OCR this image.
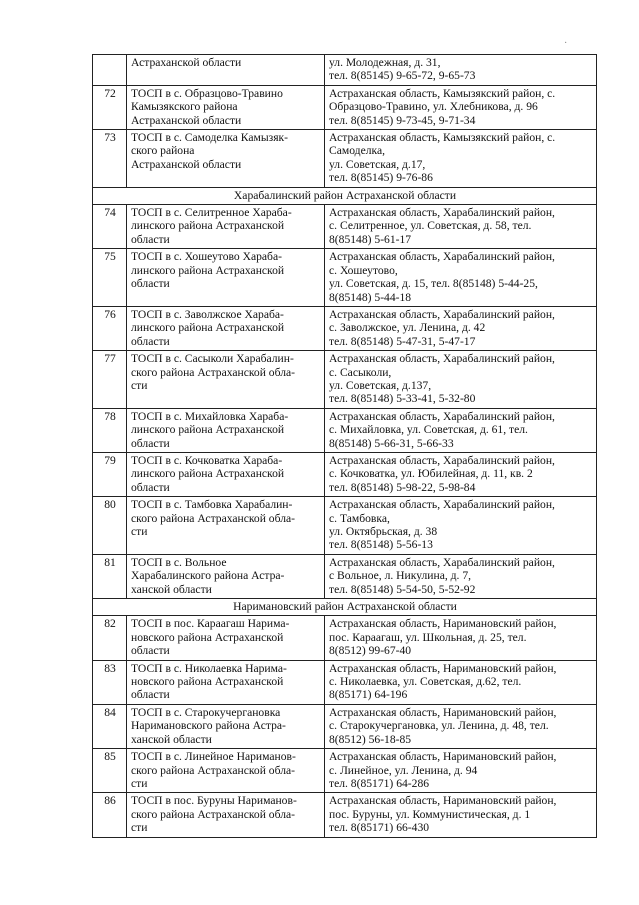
·

	Астраханской области	ул. Молодежная, д. 31,
тел. 8(85145) 9-65-72, 9-65-73

72	ТОСП в с. Образцово-Травино
Камызякского района
Астраханской области	Астраханская область, Камызякский район, с.
Образцово-Травино, ул. Хлебникова, д. 96
тел. 8(85145) 9-73-45, 9-71-34

73	ТОСП в с. Самоделка Камызяк-
ского района
Астраханской области	Астраханская область, Камызякский район, с.
Самоделка,
ул. Советская, д.17,
тел. 8(85145) 9-76-86

Харабалинский район Астраханской области		
74	ТОСП в с. Селитренное Хараба-
линского района Астраханской
области	Астраханская область, Харабалинский район,
с. Селитренное, ул. Советская, д. 58, тел.
8(85148) 5-61-17

75	ТОСП в с. Хошеутово Хараба-
линского района Астраханской
области	Астраханская область, Харабалинский район,
с. Хошеутово,
ул. Советская, д. 15, тел. 8(85148) 5-44-25,
8(85148) 5-44-18

76	ТОСП в с. Заволжское Хараба-
линского района Астраханской
области	Астраханская область, Харабалинский район,
с. Заволжское, ул. Ленина, д. 42
тел. 8(85148) 5-47-31, 5-47-17

77	ТОСП в с. Сасыколи Харабалин-
ского района Астраханской обла-
сти	Астраханская область, Харабалинский район,
с. Сасыколи,
ул. Советская, д.137,
тел. 8(85148) 5-33-41, 5-32-80

78	ТОСП в с. Михайловка Хараба-
линского района Астраханской
области	Астраханская область, Харабалинский район,
с. Михайловка, ул. Советская, д. 61, тел.
8(85148) 5-66-31, 5-66-33

79	ТОСП в с. Кочковатка Хараба-
линского района Астраханской
области	Астраханская область, Харабалинский район,
с. Кочковатка, ул. Юбилейная, д. 11, кв. 2
тел. 8(85148) 5-98-22, 5-98-84

80	ТОСП в с. Тамбовка Харабалин-
ского района Астраханской обла-
сти	Астраханская область, Харабалинский район,
с. Тамбовка,
ул. Октябрьская, д. 38
тел. 8(85148) 5-56-13

81	ТОСП в с. Вольное
Харабалинского района Астра-
ханской области	Астраханская область, Харабалинский район,
с Вольное, л. Никулина, д. 7,
тел. 8(85148) 5-54-50, 5-52-92

Наримановский район Астраханской области		
82	ТОСП в пос. Караагаш Нарима-
новского района Астраханской
области	Астраханская область, Наримановский район,
пос. Караагаш, ул. Школьная, д. 25, тел.
8(8512) 99-67-40

83	ТОСП в с. Николаевка Нарима-
новского района Астраханской
области	Астраханская область, Наримановский район,
с. Николаевка, ул. Советская, д.62, тел.
8(85171) 64-196

84	ТОСП в с. Старокучергановка
Наримановского района Астра-
ханской области	Астраханская область, Наримановский район,
с. Старокучергановка, ул. Ленина, д. 48, тел.
8(8512) 56-18-85

85	ТОСП в с. Линейное Нариманов-
ского района Астраханской обла-
сти	Астраханская область, Наримановский район,
с. Линейное, ул. Ленина, д. 94
тел. 8(85171) 64-286

86	ТОСП в пос. Буруны Нариманов-
ского района Астраханской обла-
сти	Астраханская область, Наримановский район,
пос. Буруны, ул. Коммунистическая, д. 1
тел. 8(85171) 66-430
